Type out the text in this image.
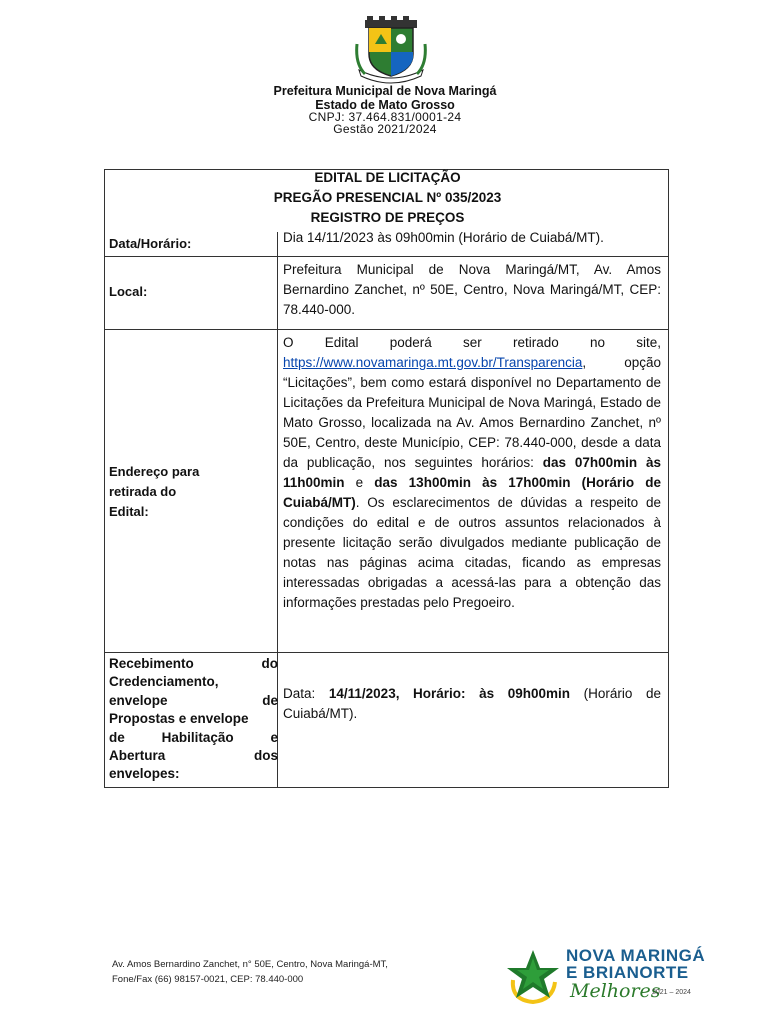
Prefeitura Municipal de Nova Maringá
Estado de Mato Grosso
CNPJ: 37.464.831/0001-24
Gestão 2021/2024
EDITAL DE LICITAÇÃO
PREGÃO PRESENCIAL Nº 035/2023
REGISTRO DE PREÇOS
Data/Horário:	Dia 14/11/2023 às 09h00min (Horário de Cuiabá/MT).
Local:
Prefeitura Municipal de Nova Maringá/MT, Av. Amos Bernardino Zanchet, nº 50E, Centro, Nova Maringá/MT, CEP: 78.440-000.
Endereço para
retirada do
Edital:
O Edital poderá ser retirado no site, https://www.novamaringa.mt.gov.br/Transparencia, opção “Licitações”, bem como estará disponível no Departamento de Licitações da Prefeitura Municipal de Nova Maringá, Estado de Mato Grosso, localizada na Av. Amos Bernardino Zanchet, nº 50E, Centro, deste Município, CEP: 78.440-000, desde a data da publicação, nos seguintes horários: das 07h00min às 11h00min e das 13h00min às 17h00min (Horário de Cuiabá/MT). Os esclarecimentos de dúvidas a respeito de condições do edital e de outros assuntos relacionados à presente licitação serão divulgados mediante publicação de notas nas páginas acima citadas, ficando as empresas interessadas obrigadas a acessá-las para a obtenção das informações prestadas pelo Pregoeiro.
Recebimento	do
Credenciamento,
envelope	de
Propostas e envelope
de	Habilitação	e
Abertura	dos
envelopes:
Data: 14/11/2023, Horário: às 09h00min (Horário de Cuiabá/MT).
Av. Amos Bernardino Zanchet, n° 50E, Centro, Nova Maringá-MT,
Fone/Fax (66) 98157-0021, CEP: 78.440-000
NOVA MARINGÁ
E BRIANORTE
Melhores
2021 – 2024
